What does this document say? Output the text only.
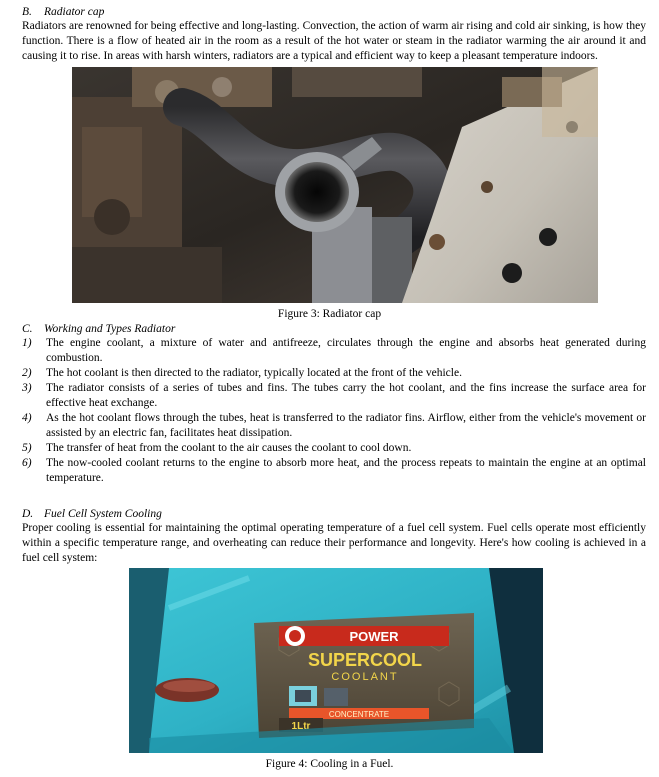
B. Radiator cap

Radiators are renowned for being effective and long-lasting. Convection, the action of warm air rising and cold air sinking, is how they function. There is a flow of heated air in the room as a result of the hot water or steam in the radiator warming the air around it and causing it to rise. In areas with harsh winters, radiators are a typical and efficient way to keep a pleasant temperature indoors.

Figure 3: Radiator cap
C. Working and Types Radiator
1) The engine coolant, a mixture of water and antifreeze, circulates through the engine and absorbs heat generated during combustion.
2) The hot coolant is then directed to the radiator, typically located at the front of the vehicle.
3) The radiator consists of a series of tubes and fins. The tubes carry the hot coolant, and the fins increase the surface area for effective heat exchange.
4) As the hot coolant flows through the tubes, heat is transferred to the radiator fins. Airflow, either from the vehicle's movement or assisted by an electric fan, facilitates heat dissipation.
5) The transfer of heat from the coolant to the air causes the coolant to cool down.
6) The now-cooled coolant returns to the engine to absorb more heat, and the process repeats to maintain the engine at an optimal temperature.
D. Fuel Cell System Cooling

Proper cooling is essential for maintaining the optimal operating temperature of a fuel cell system. Fuel cells operate most efficiently within a specific temperature range, and overheating can reduce their performance and longevity. Here's how cooling is achieved in a fuel cell system:

POWER
SUPERCOOL
COOLANT
CONCENTRATE
1Ltr
Figure 4: Cooling in a Fuel.
